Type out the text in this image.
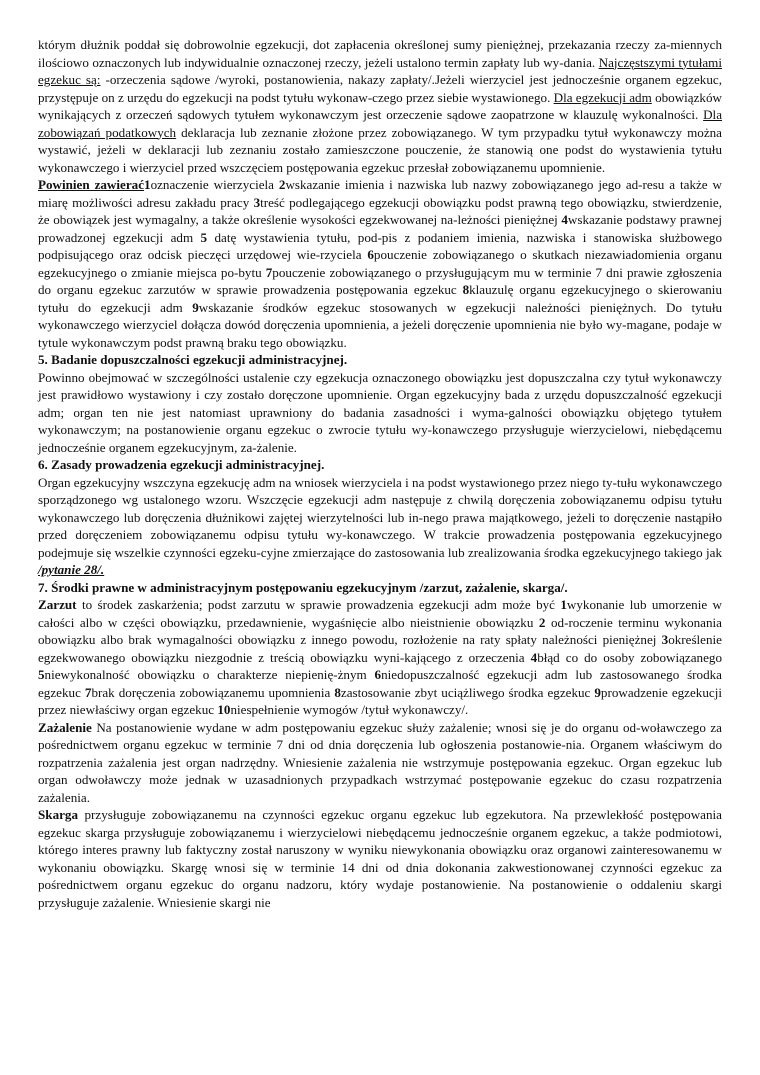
którym dłużnik poddał się dobrowolnie egzekucji, dot zapłacenia określonej sumy pieniężnej, przekazania rzeczy za-miennych ilościowo oznaczonych lub indywidualnie oznaczonej rzeczy, jeżeli ustalono termin zapłaty lub wy-dania. Najczęstszymi tytułami egzekuc są: -orzeczenia sądowe /wyroki, postanowienia, nakazy zapłaty/.Jeżeli wierzyciel jest jednocześnie organem egzekuc, przystępuje on z urzędu do egzekucji na podst tytułu wykonaw-czego przez siebie wystawionego. Dla egzekucji adm obowiązków wynikających z orzeczeń sądowych tytułem wykonawczym jest orzeczenie sądowe zaopatrzone w klauzulę wykonalności. Dla zobowiązań podatkowych deklaracja lub zeznanie złożone przez zobowiązanego. W tym przypadku tytuł wykonawczy można wystawić, jeżeli w deklaracji lub zeznaniu zostało zamieszczone pouczenie, że stanowią one podst do wystawienia tytułu wykonawczego i wierzyciel przed wszczęciem postępowania egzekuc przesłał zobowiązanemu upomnienie.

Powinien zawierać1oznaczenie wierzyciela 2wskazanie imienia i nazwiska lub nazwy zobowiązanego jego ad-resu a także w miarę możliwości adresu zakładu pracy 3treść podlegającego egzekucji obowiązku podst prawną tego obowiązku, stwierdzenie, że obowiązek jest wymagalny, a także określenie wysokości egzekwowanej na-leżności pieniężnej 4wskazanie podstawy prawnej prowadzonej egzekucji adm 5 datę wystawienia tytułu, pod-pis z podaniem imienia, nazwiska i stanowiska służbowego podpisującego oraz odcisk pieczęci urzędowej wie-rzyciela 6pouczenie zobowiązanego o skutkach niezawiadomienia organu egzekucyjnego o zmianie miejsca po-bytu 7pouczenie zobowiązanego o przysługującym mu w terminie 7 dni prawie zgłoszenia do organu egzekuc zarzutów w sprawie prowadzenia postępowania egzekuc 8klauzulę organu egzekucyjnego o skierowaniu tytułu do egzekucji adm 9wskazanie środków egzekuc stosowanych w egzekucji należności pieniężnych. Do tytułu wykonawczego wierzyciel dołącza dowód doręczenia upomnienia, a jeżeli doręczenie upomnienia nie było wy-magane, podaje w tytule wykonawczym podst prawną braku tego obowiązku.

5. Badanie dopuszczalności egzekucji administracyjnej.

Powinno obejmować w szczególności ustalenie czy egzekucja oznaczonego obowiązku jest dopuszczalna czy tytuł wykonawczy jest prawidłowo wystawiony i czy zostało doręczone upomnienie. Organ egzekucyjny bada z urzędu dopuszczalność egzekucji adm; organ ten nie jest natomiast uprawniony do badania zasadności i wyma-galności obowiązku objętego tytułem wykonawczym; na postanowienie organu egzekuc o zwrocie tytułu wy-konawczego przysługuje wierzycielowi, niebędącemu jednocześnie organem egzekucyjnym, za-żalenie.

6. Zasady prowadzenia egzekucji administracyjnej.

Organ egzekucyjny wszczyna egzekucję adm na wniosek wierzyciela i na podst wystawionego przez niego ty-tułu wykonawczego sporządzonego wg ustalonego wzoru. Wszczęcie egzekucji adm następuje z chwilą doręczenia zobowiązanemu odpisu tytułu wykonawczego lub doręczenia dłużnikowi zajętej wierzytelności lub in-nego prawa majątkowego, jeżeli to doręczenie nastąpiło przed doręczeniem zobowiązanemu odpisu tytułu wy-konawczego. W trakcie prowadzenia postępowania egzekucyjnego podejmuje się wszelkie czynności egzeku-cyjne zmierzające do zastosowania lub zrealizowania środka egzekucyjnego takiego jak /pytanie 28/.

7. Środki prawne w administracyjnym postępowaniu egzekucyjnym /zarzut, zażalenie, skarga/.

Zarzut to środek zaskarżenia; podst zarzutu w sprawie prowadzenia egzekucji adm może być 1wykonanie lub umorzenie w całości albo w części obowiązku, przedawnienie, wygaśnięcie albo nieistnienie obowiązku 2 od-roczenie terminu wykonania obowiązku albo brak wymagalności obowiązku z innego powodu, rozłożenie na raty spłaty należności pieniężnej 3określenie egzekwowanego obowiązku niezgodnie z treścią obowiązku wyni-kającego z orzeczenia 4błąd co do osoby zobowiązanego 5niewykonalność obowiązku o charakterze niepienię-żnym 6niedopuszczalność egzekucji adm lub zastosowanego środka egzekuc 7brak doręczenia zobowiązanemu upomnienia 8zastosowanie zbyt uciążliwego środka egzekuc 9prowadzenie egzekucji przez niewłaściwy organ egzekuc 10niespełnienie wymogów /tytuł wykonawczy/.

Zażalenie Na postanowienie wydane w adm postępowaniu egzekuc służy zażalenie; wnosi się je do organu od-woławczego za pośrednictwem organu egzekuc w terminie 7 dni od dnia doręczenia lub ogłoszenia postanowie-nia. Organem właściwym do rozpatrzenia zażalenia jest organ nadrzędny. Wniesienie zażalenia nie wstrzymuje postępowania egzekuc. Organ egzekuc lub organ odwoławczy może jednak w uzasadnionych przypadkach wstrzymać postępowanie egzekuc do czasu rozpatrzenia zażalenia.

Skarga przysługuje zobowiązanemu na czynności egzekuc organu egzekuc lub egzekutora. Na przewlekłość postępowania egzekuc skarga przysługuje zobowiązanemu i wierzycielowi niebędącemu jednocześnie organem egzekuc, a także podmiotowi, którego interes prawny lub faktyczny został naruszony w wyniku niewykonania obowiązku oraz organowi zainteresowanemu w wykonaniu obowiązku. Skargę wnosi się w terminie 14 dni od dnia dokonania zakwestionowanej czynności egzekuc za pośrednictwem organu egzekuc do organu nadzoru, który wydaje postanowienie. Na postanowienie o oddaleniu skargi przysługuje zażalenie. Wniesienie skargi nie
